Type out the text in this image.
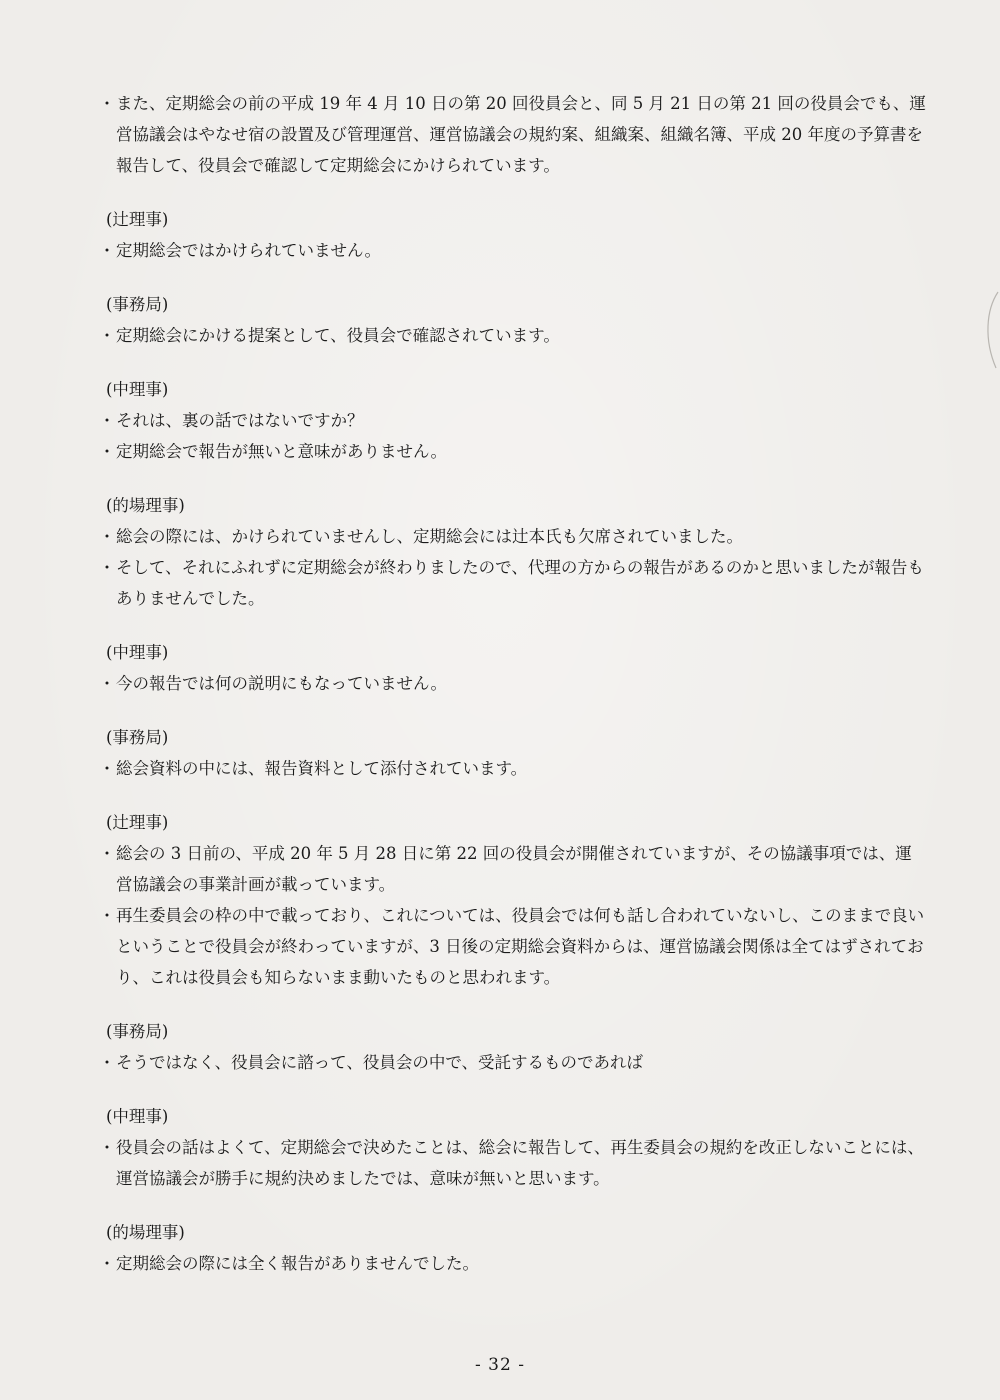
・また、定期総会の前の平成 19 年 4 月 10 日の第 20 回役員会と、同 5 月 21 日の第 21 回の役員会でも、運営協議会はやなせ宿の設置及び管理運営、運営協議会の規約案、組織案、組織名簿、平成 20 年度の予算書を報告して、役員会で確認して定期総会にかけられています。
(辻理事)
・定期総会ではかけられていません。
(事務局)
・定期総会にかける提案として、役員会で確認されています。
(中理事)
・それは、裏の話ではないですか？
・定期総会で報告が無いと意味がありません。
(的場理事)
・総会の際には、かけられていませんし、定期総会には辻本氏も欠席されていました。
・そして、それにふれずに定期総会が終わりましたので、代理の方からの報告があるのかと思いましたが報告もありませんでした。
(中理事)
・今の報告では何の説明にもなっていません。
(事務局)
・総会資料の中には、報告資料として添付されています。
(辻理事)
・総会の 3 日前の、平成 20 年 5 月 28 日に第 22 回の役員会が開催されていますが、その協議事項では、運営協議会の事業計画が載っています。
・再生委員会の枠の中で載っており、これについては、役員会では何も話し合われていないし、このままで良いということで役員会が終わっていますが、3 日後の定期総会資料からは、運営協議会関係は全てはずされており、これは役員会も知らないまま動いたものと思われます。
(事務局)
・そうではなく、役員会に諮って、役員会の中で、受託するものであれば
(中理事)
・役員会の話はよくて、定期総会で決めたことは、総会に報告して、再生委員会の規約を改正しないことには、運営協議会が勝手に規約決めましたでは、意味が無いと思います。
(的場理事)
・定期総会の際には全く報告がありませんでした。
- 32 -
